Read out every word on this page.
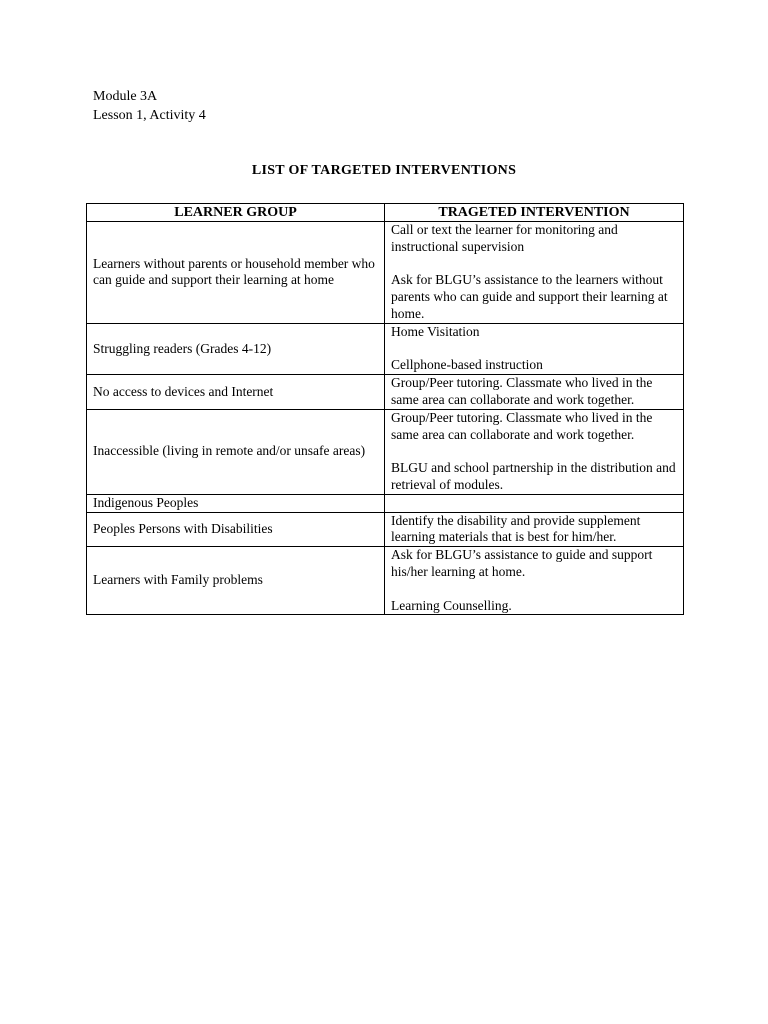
Module 3A
Lesson 1, Activity 4
LIST OF TARGETED INTERVENTIONS
LEARNER GROUP	TRAGETED INTERVENTION
Learners without parents or household member who can guide and support their learning at home	Call or text the learner for monitoring and instructional supervision
Ask for BLGU’s assistance to the learners without parents who can guide and support their learning at home.

Struggling readers (Grades 4-12)	Home Visitation
Cellphone-based instruction

No access to devices and Internet	Group/Peer tutoring. Classmate who lived in the same area can collaborate and work together.

Inaccessible (living in remote and/or unsafe areas)	Group/Peer tutoring. Classmate who lived in the same area can collaborate and work together.
BLGU and school partnership in the distribution and retrieval of modules.

Indigenous Peoples	
Peoples Persons with Disabilities	Identify the disability and provide supplement learning materials that is best for him/her.

Learners with Family problems	Ask for BLGU’s assistance to guide and support his/her learning at home.
Learning Counselling.
